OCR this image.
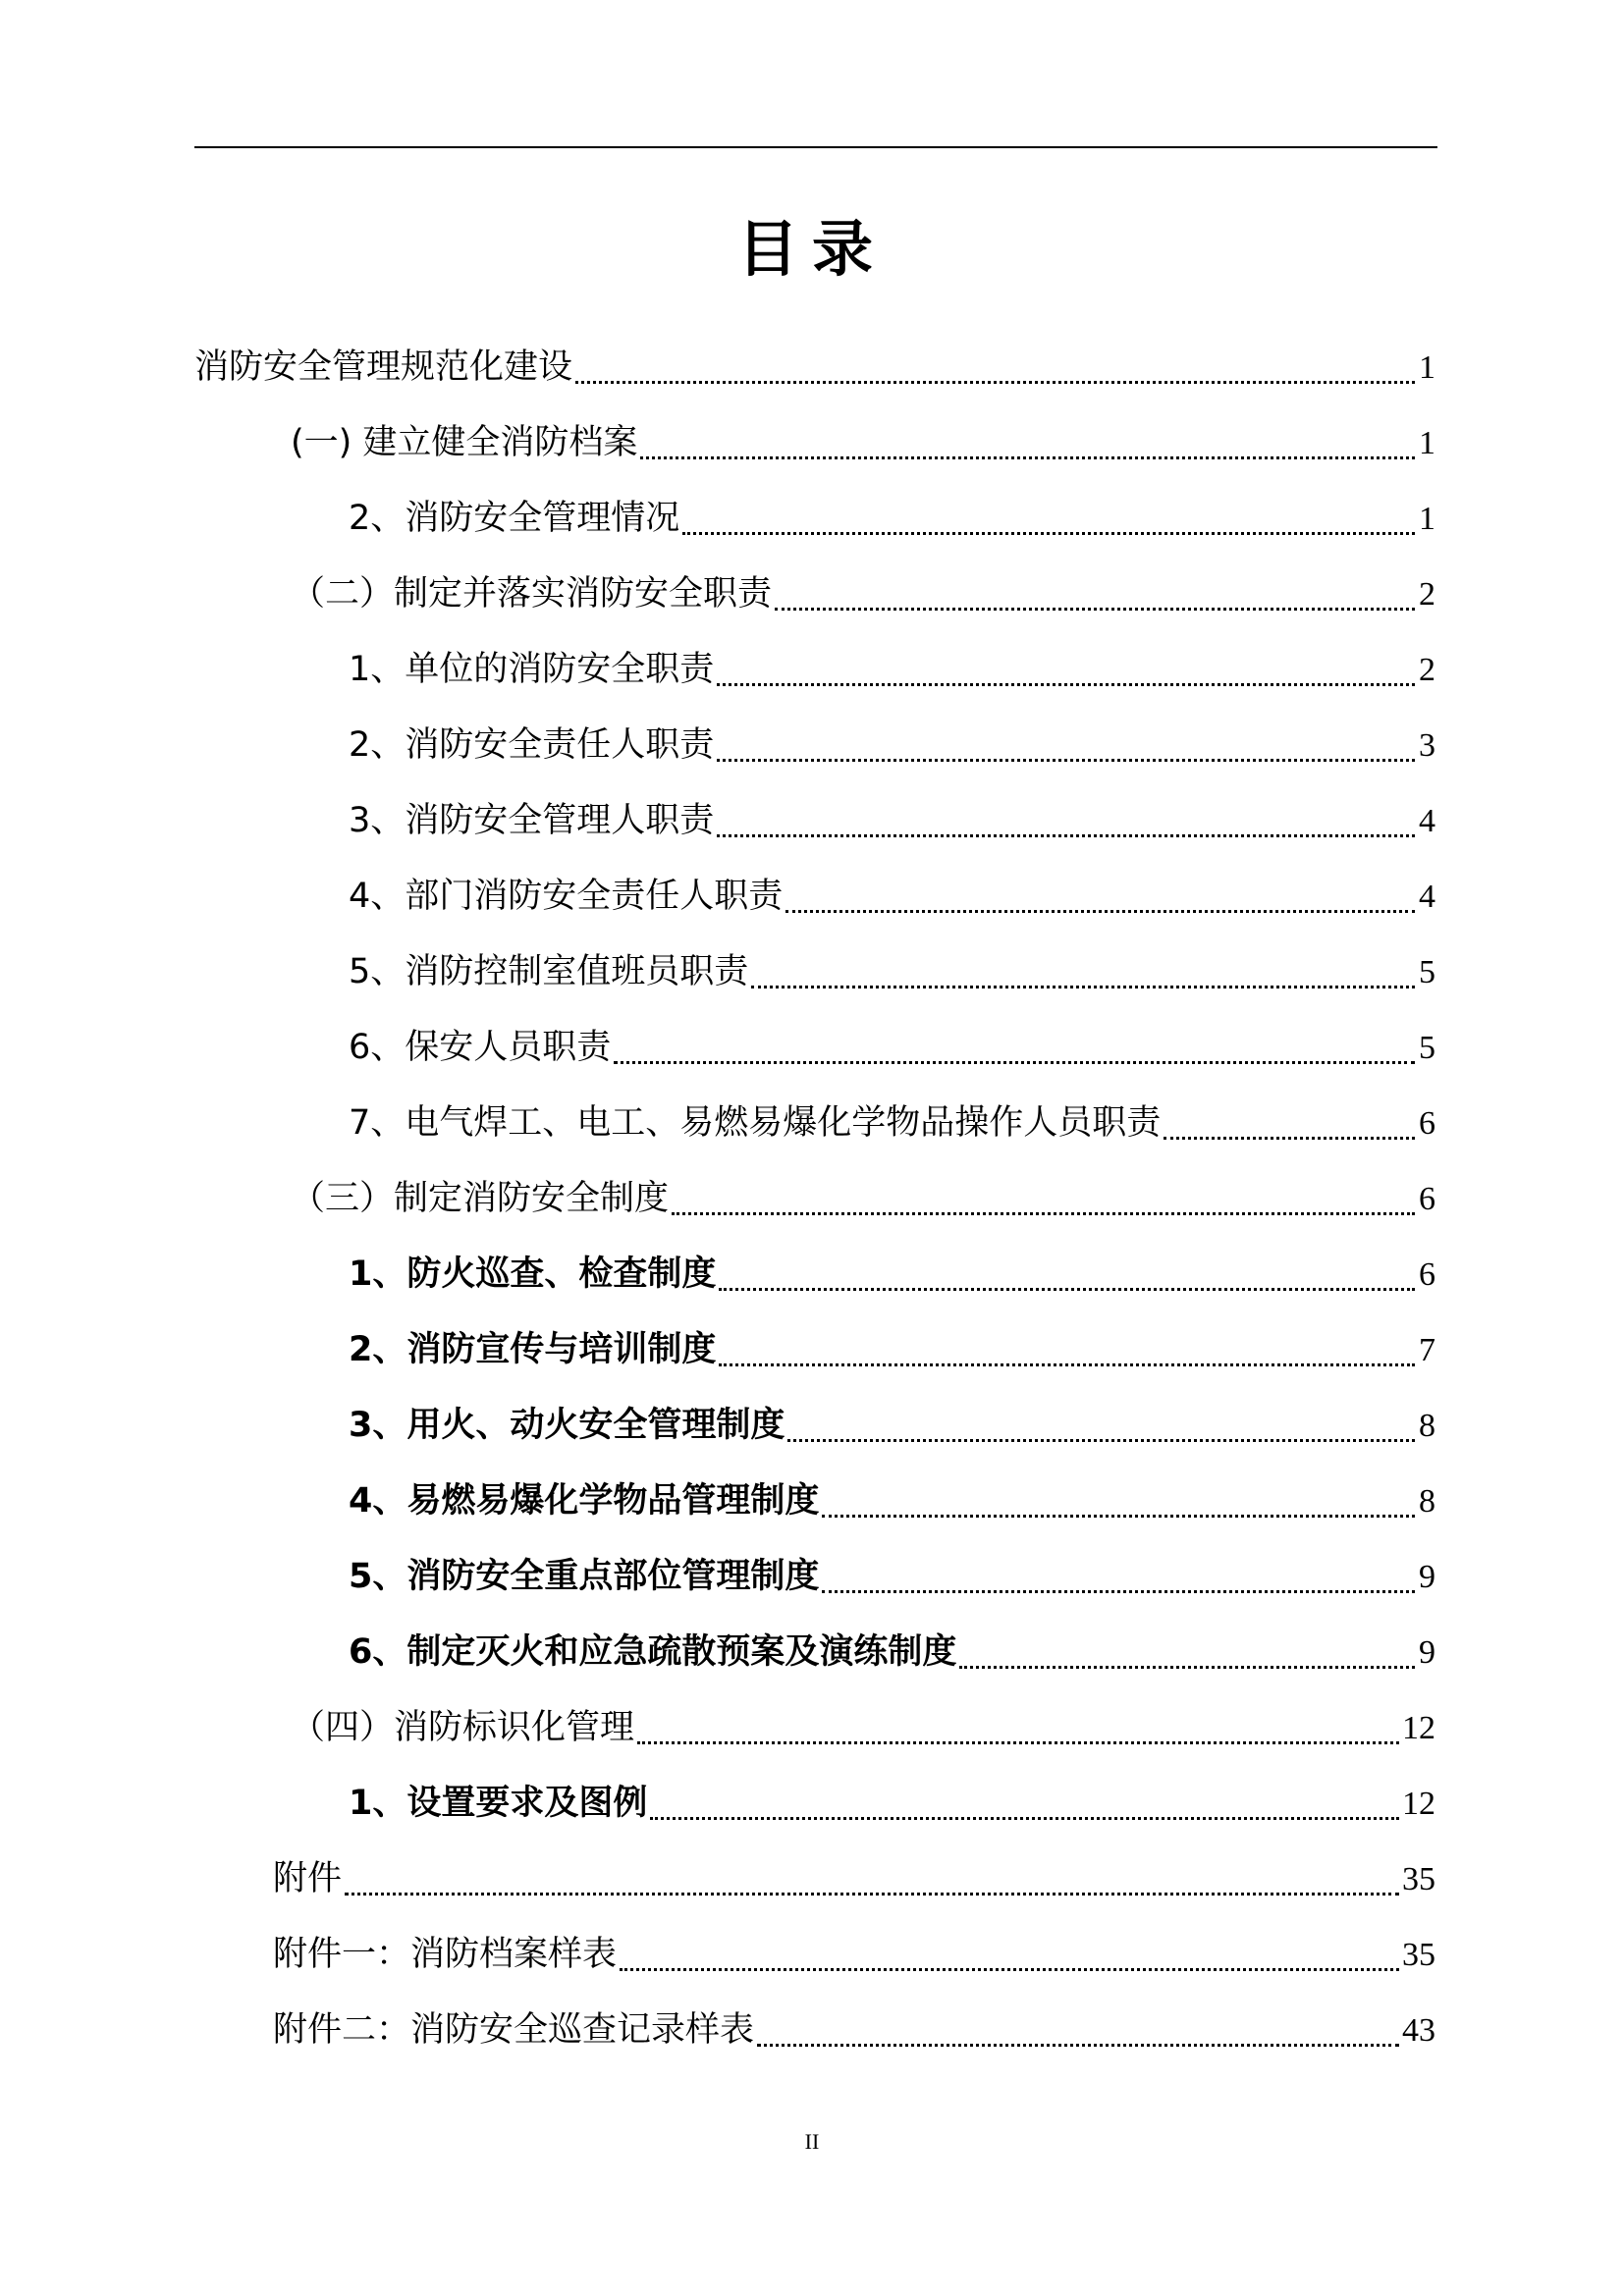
目录
消防安全管理规范化建设	1
(一) 建立健全消防档案	1
2、消防安全管理情况	1
（二）制定并落实消防安全职责	2
1、单位的消防安全职责	2
2、消防安全责任人职责	3
3、消防安全管理人职责	4
4、部门消防安全责任人职责	4
5、消防控制室值班员职责	5
6、保安人员职责	5
7、电气焊工、电工、易燃易爆化学物品操作人员职责	6
（三）制定消防安全制度	6
1、防火巡查、检查制度	6
2、消防宣传与培训制度	7
3、用火、动火安全管理制度	8
4、易燃易爆化学物品管理制度	8
5、消防安全重点部位管理制度	9
6、制定灭火和应急疏散预案及演练制度	9
（四）消防标识化管理	12
1、设置要求及图例	12
附件	35
附件一：消防档案样表	35
附件二：消防安全巡查记录样表	43
II
